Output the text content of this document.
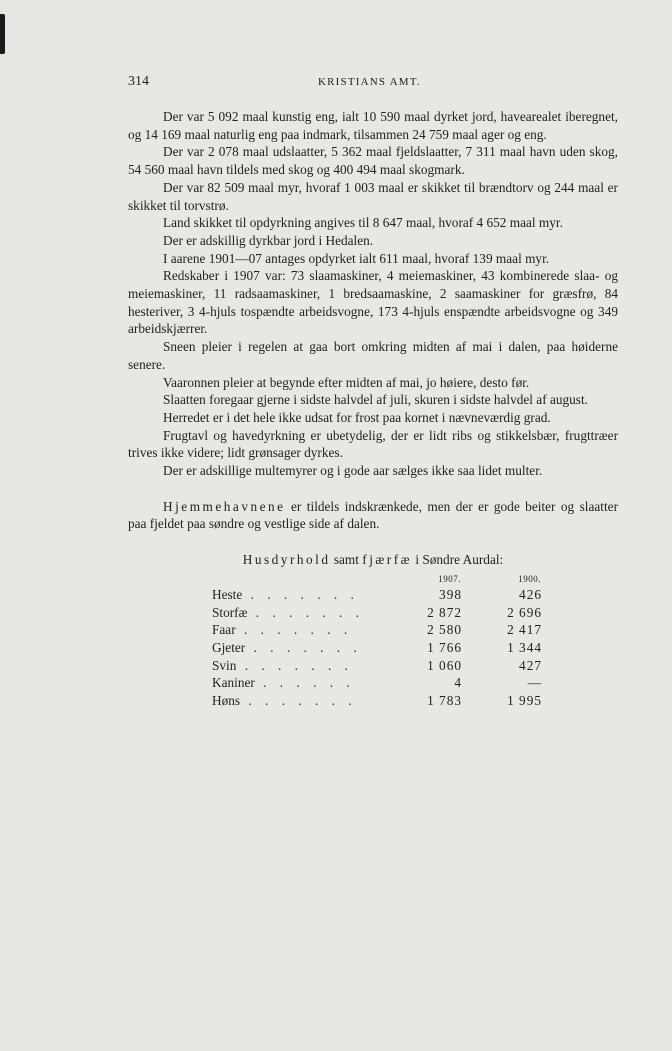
314	KRISTIANS AMT.

Der var 5 092 maal kunstig eng, ialt 10 590 maal dyrket jord, havearealet iberegnet, og 14 169 maal naturlig eng paa indmark, tilsammen 24 759 maal ager og eng.

Der var 2 078 maal udslaatter, 5 362 maal fjeldslaatter, 7 311 maal havn uden skog, 54 560 maal havn tildels med skog og 400 494 maal skogmark.

Der var 82 509 maal myr, hvoraf 1 003 maal er skikket til brændtorv og 244 maal er skikket til torvstrø.

Land skikket til opdyrkning angives til 8 647 maal, hvoraf 4 652 maal myr.

Der er adskillig dyrkbar jord i Hedalen.

I aarene 1901—07 antages opdyrket ialt 611 maal, hvoraf 139 maal myr.

Redskaber i 1907 var: 73 slaamaskiner, 4 meiemaskiner, 43 kombinerede slaa- og meiemaskiner, 11 radsaamaskiner, 1 bredsaamaskine, 2 saamaskiner for græsfrø, 84 hesteriver, 3 4-hjuls tospændte arbeidsvogne, 173 4-hjuls enspændte arbeidsvogne og 349 arbeidskjærrer.

Sneen pleier i regelen at gaa bort omkring midten af mai i dalen, paa høiderne senere.

Vaaronnen pleier at begynde efter midten af mai, jo høiere, desto før.

Slaatten foregaar gjerne i sidste halvdel af juli, skuren i sidste halvdel af august.

Herredet er i det hele ikke udsat for frost paa kornet i nævneværdig grad.

Frugtavl og havedyrkning er ubetydelig, der er lidt ribs og stikkelsbær, frugttræer trives ikke videre; lidt grønsager dyrkes.

Der er adskillige multemyrer og i gode aar sælges ikke saa lidet multer.

Hjemmehavnene er tildels indskrænkede, men der er gode beiter og slaatter paa fjeldet paa søndre og vestlige side af dalen.

Husdyrhold samt fjærfæ i Søndre Aurdal:
	1907.	1900.
Heste . . . . . . .	398	426
Storfæ . . . . . . .	2 872	2 696
Faar . . . . . . .	2 580	2 417
Gjeter . . . . . . .	1 766	1 344
Svin . . . . . . .	1 060	427
Kaniner . . . . . .	4	—
Høns . . . . . . .	1 783	1 995
